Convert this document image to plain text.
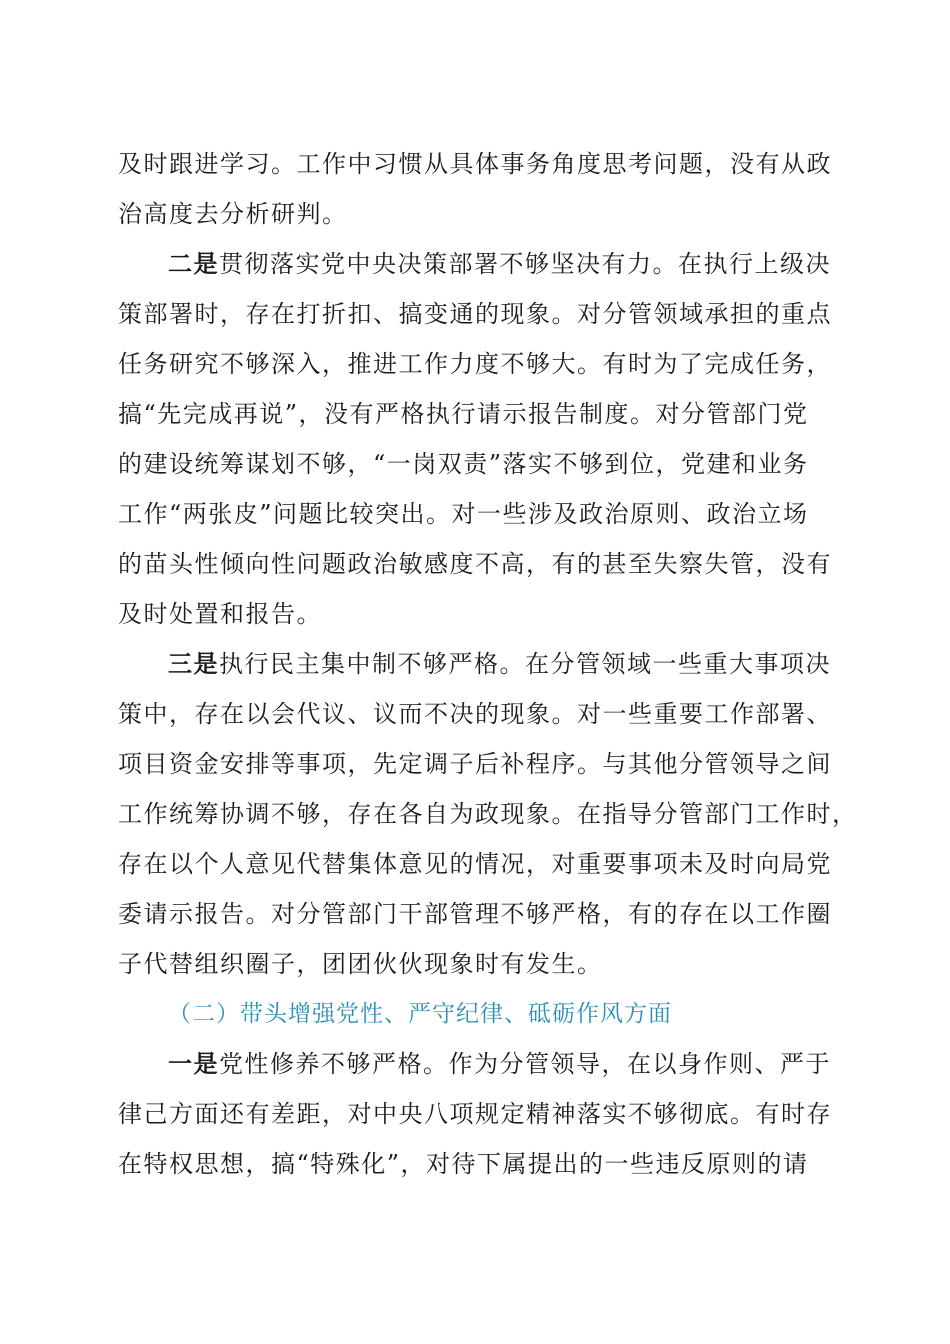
及时跟进学习。工作中习惯从具体事务角度思考问题，没有从政
治高度去分析研判。
二是贯彻落实党中央决策部署不够坚决有力。在执行上级决
策部署时，存在打折扣、搞变通的现象。对分管领域承担的重点
任务研究不够深入，推进工作力度不够大。有时为了完成任务，
搞“先完成再说”，没有严格执行请示报告制度。对分管部门党
的建设统筹谋划不够，“一岗双责”落实不够到位，党建和业务
工作“两张皮”问题比较突出。对一些涉及政治原则、政治立场
的苗头性倾向性问题政治敏感度不高，有的甚至失察失管，没有
及时处置和报告。
三是执行民主集中制不够严格。在分管领域一些重大事项决
策中，存在以会代议、议而不决的现象。对一些重要工作部署、
项目资金安排等事项，先定调子后补程序。与其他分管领导之间
工作统筹协调不够，存在各自为政现象。在指导分管部门工作时，
存在以个人意见代替集体意见的情况，对重要事项未及时向局党
委请示报告。对分管部门干部管理不够严格，有的存在以工作圈
子代替组织圈子，团团伙伙现象时有发生。
（二）带头增强党性、严守纪律、砥砺作风方面
一是党性修养不够严格。作为分管领导，在以身作则、严于
律己方面还有差距，对中央八项规定精神落实不够彻底。有时存
在特权思想，搞“特殊化”，对待下属提出的一些违反原则的请
